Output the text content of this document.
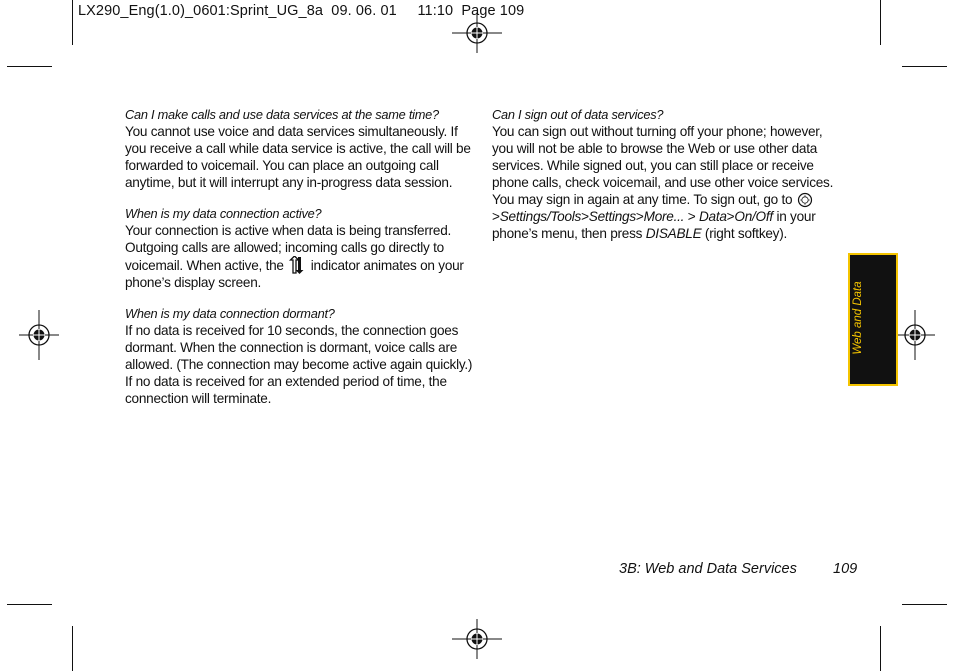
LX290_Eng(1.0)_0601:Sprint_UG_8a  09. 06. 01     11:10  Page 109

Can I make calls and use data services at the same time?

You cannot use voice and data services simultaneously. If you receive a call while data service is active, the call will be forwarded to voicemail. You can place an outgoing call anytime, but it will interrupt any in-progress data session.

When is my data connection active?

Your connection is active when data is being transferred. Outgoing calls are allowed; incoming calls go directly to voicemail. When active, the  indicator animates on your phone’s display screen.

When is my data connection dormant?

If no data is received for 10 seconds, the connection goes dormant. When the connection is dormant, voice calls are allowed. (The connection may become active again quickly.) If no data is received for an extended period of time, the connection will terminate.

Can I sign out of data services?

You can sign out without turning off your phone; however, you will not be able to browse the Web or use other data services. While signed out, you can still place or receive phone calls, check voicemail, and use other voice services. You may sign in again at any time. To sign out, go to  >Settings/Tools>Settings>More... > Data>On/Off in your phone’s menu, then press DISABLE (right softkey).

Web and Data
3B: Web and Data Services 109
